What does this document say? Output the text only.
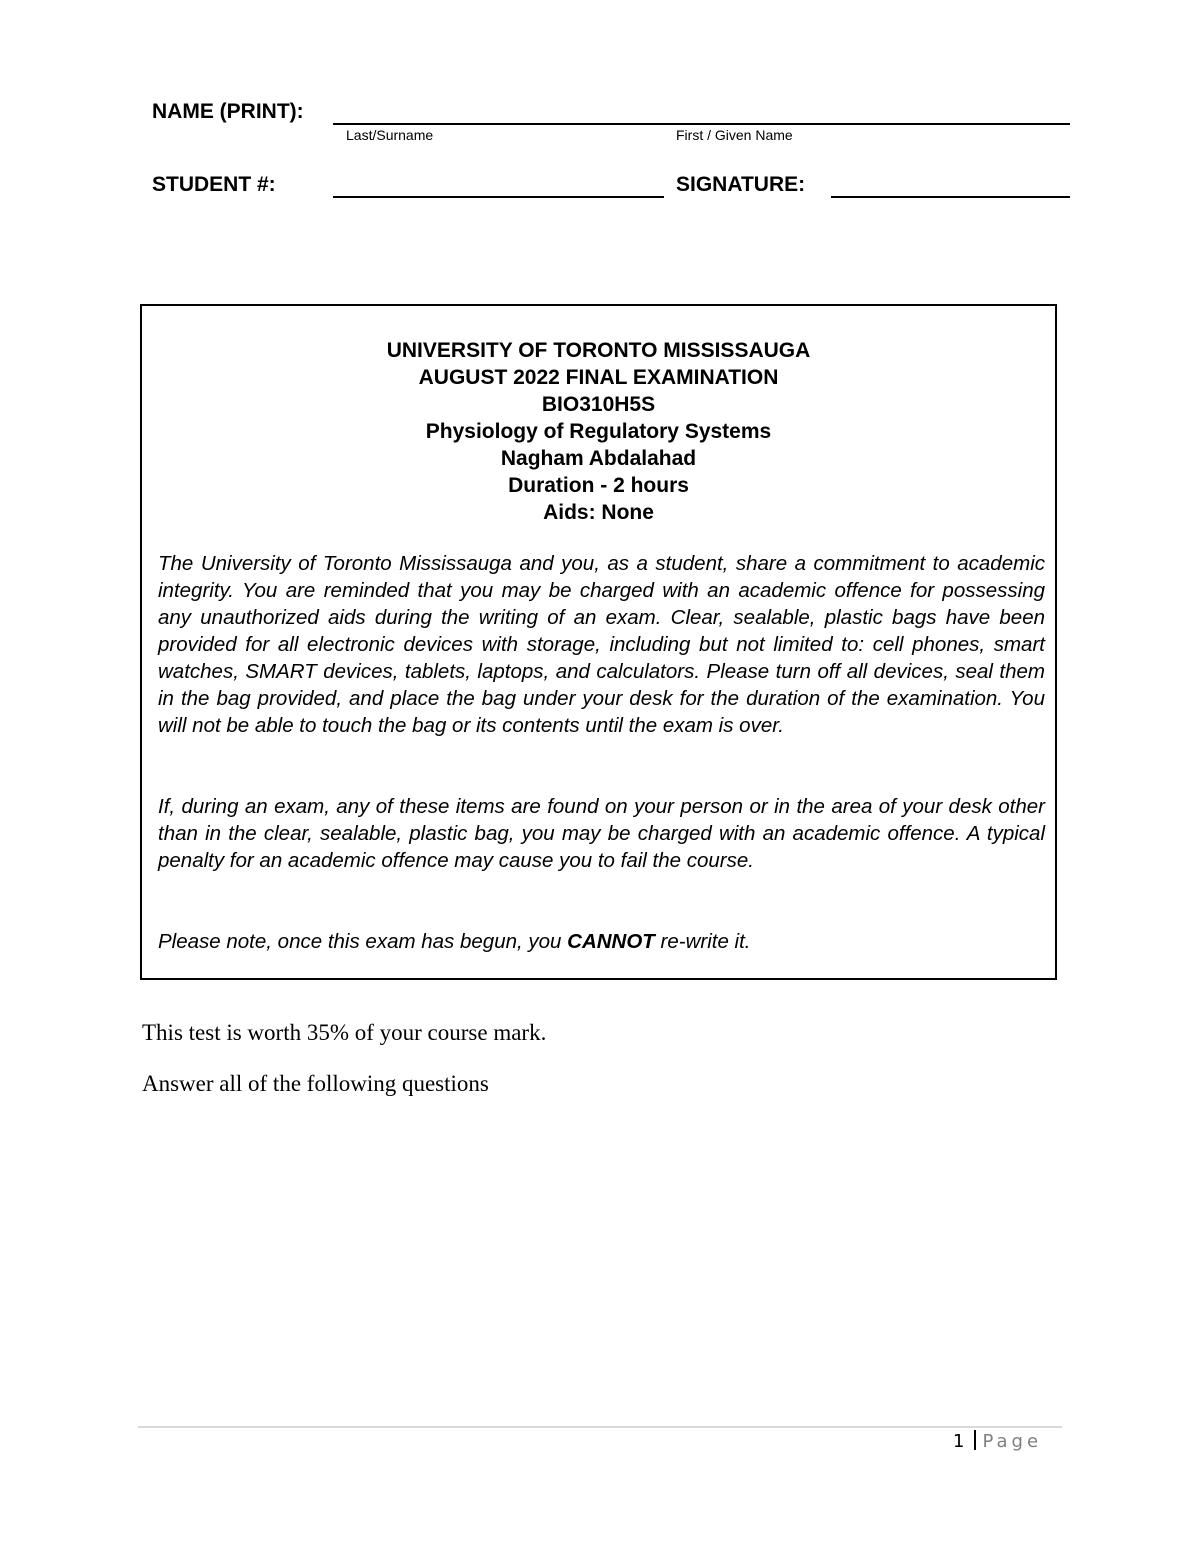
NAME (PRINT):
Last/Surname	First / Given Name
STUDENT #:	SIGNATURE:
UNIVERSITY OF TORONTO MISSISSAUGA
AUGUST 2022 FINAL EXAMINATION
BIO310H5S
Physiology of Regulatory Systems
Nagham Abdalahad
Duration - 2 hours
Aids: None
The University of Toronto Mississauga and you, as a student, share a commitment to academic integrity. You are reminded that you may be charged with an academic offence for possessing any unauthorized aids during the writing of an exam. Clear, sealable, plastic bags have been provided for all electronic devices with storage, including but not limited to: cell phones, smart watches, SMART devices, tablets, laptops, and calculators. Please turn off all devices, seal them in the bag provided, and place the bag under your desk for the duration of the examination. You will not be able to touch the bag or its contents until the exam is over.
If, during an exam, any of these items are found on your person or in the area of your desk other than in the clear, sealable, plastic bag, you may be charged with an academic offence. A typical penalty for an academic offence may cause you to fail the course.
Please note, once this exam has begun, you CANNOT re-write it.
This test is worth 35% of your course mark.
Answer all of the following questions
1 Page
